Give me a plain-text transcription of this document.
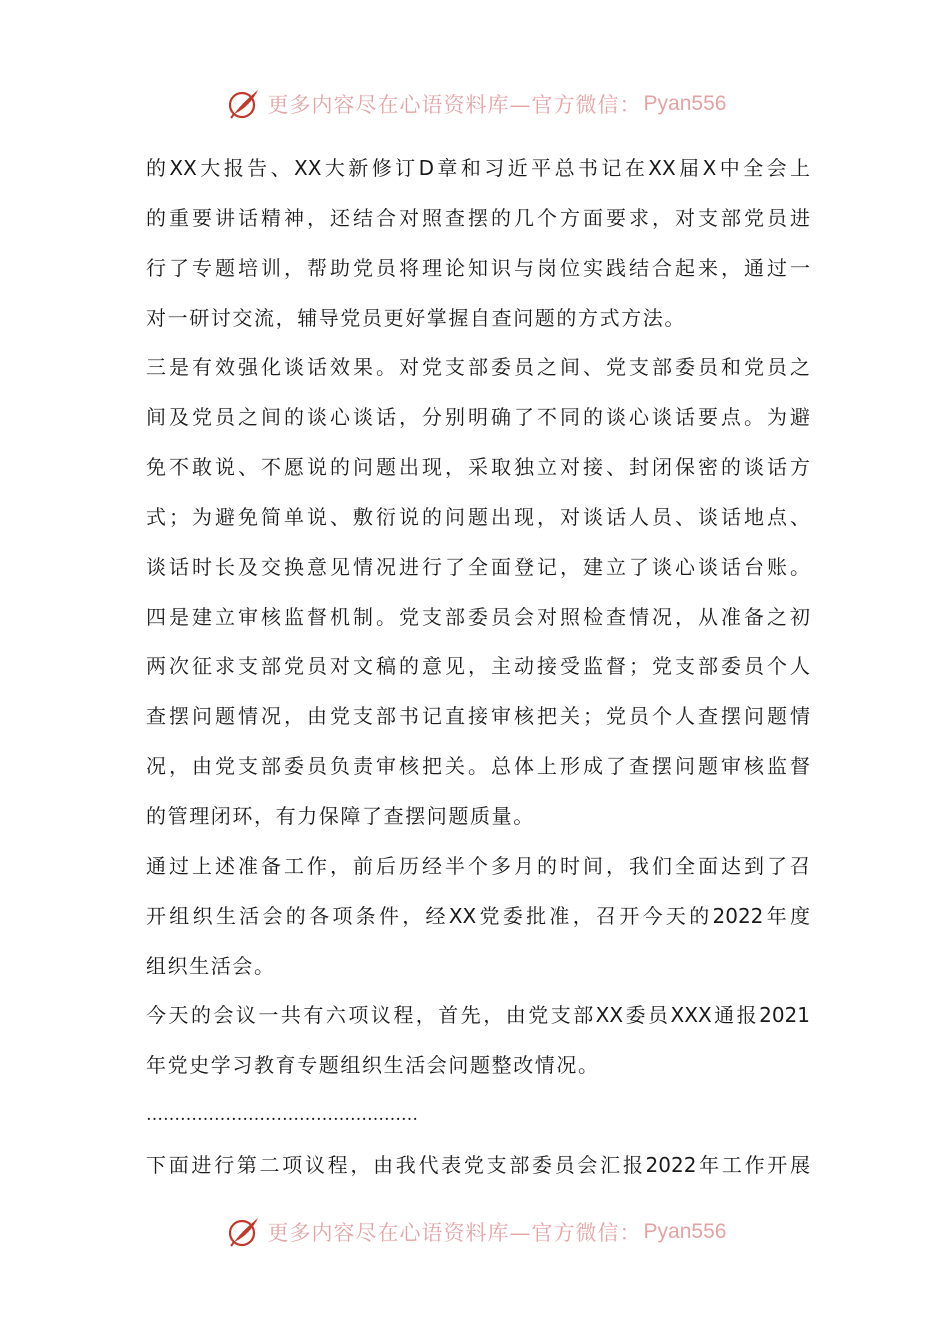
更多内容尽在心语资料库—官方微信： Pyan556
的XX大报告、XX大新修订D章和习近平总书记在XX届X中全会上
的重要讲话精神，还结合对照查摆的几个方面要求，对支部党员进
行了专题培训，帮助党员将理论知识与岗位实践结合起来，通过一
对一研讨交流，辅导党员更好掌握自查问题的方式方法。
三是有效强化谈话效果。对党支部委员之间、党支部委员和党员之
间及党员之间的谈心谈话，分别明确了不同的谈心谈话要点。为避
免不敢说、不愿说的问题出现，采取独立对接、封闭保密的谈话方
式；为避免简单说、敷衍说的问题出现，对谈话人员、谈话地点、
谈话时长及交换意见情况进行了全面登记，建立了谈心谈话台账。
四是建立审核监督机制。党支部委员会对照检查情况，从准备之初
两次征求支部党员对文稿的意见，主动接受监督；党支部委员个人
查摆问题情况，由党支部书记直接审核把关；党员个人查摆问题情
况，由党支部委员负责审核把关。总体上形成了查摆问题审核监督
的管理闭环，有力保障了查摆问题质量。
通过上述准备工作，前后历经半个多月的时间，我们全面达到了召
开组织生活会的各项条件，经XX党委批准，召开今天的2022年度
组织生活会。
今天的会议一共有六项议程，首先，由党支部XX委员XXX通报2021
年党史学习教育专题组织生活会问题整改情况。
…………………………………………
下面进行第二项议程，由我代表党支部委员会汇报2022年工作开展
更多内容尽在心语资料库—官方微信： Pyan556
